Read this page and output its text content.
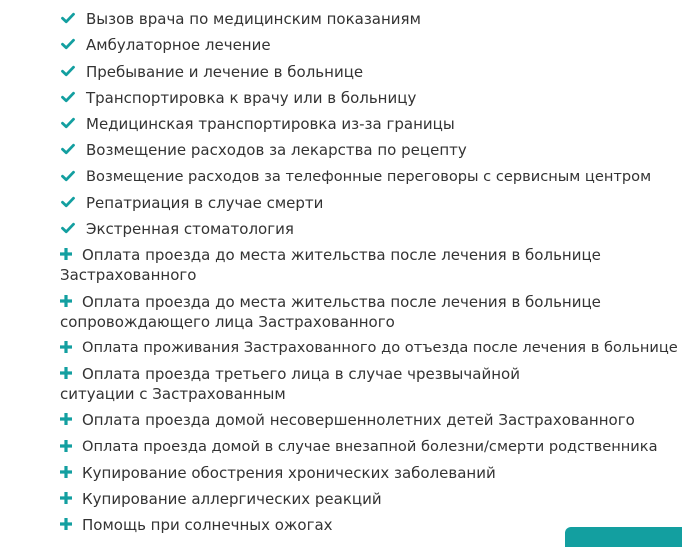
Вызов врача по медицинским показаниям
Амбулаторное лечение
Пребывание и лечение в больнице
Транспортировка к врачу или в больницу
Медицинская транспортировка из-за границы
Возмещение расходов за лекарства по рецепту
Возмещение расходов за телефонные переговоры с сервисным центром
Репатриация в случае смерти
Экстренная стоматология
Оплата проезда до места жительства после лечения в больнице
Застрахованного
Оплата проезда до места жительства после лечения в больнице
сопровождающего лица Застрахованного
Оплата проживания Застрахованного до отъезда после лечения в больнице
Оплата проезда третьего лица в случае чрезвычайной
ситуации с Застрахованным
Оплата проезда домой несовершеннолетних детей Застрахованного
Оплата проезда домой в случае внезапной болезни/смерти родственника
Купирование обострения хронических заболеваний
Купирование аллергических реакций
Помощь при солнечных ожогах
